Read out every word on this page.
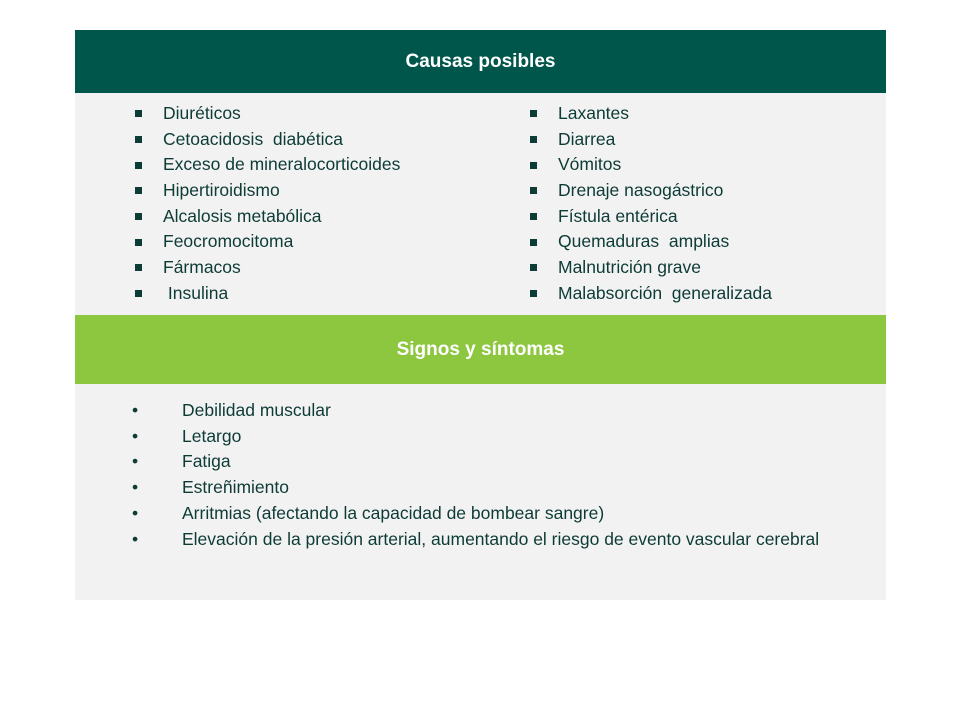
Causas posibles
Diuréticos
Cetoacidosis  diabética
Exceso de mineralocorticoides
Hipertiroidismo
Alcalosis metabólica
Feocromocitoma
Fármacos
Insulina
Laxantes
Diarrea
Vómitos
Drenaje nasogástrico
Fístula entérica
Quemaduras  amplias
Malnutrición grave
Malabsorción  generalizada
Signos y síntomas
•	Debilidad muscular
•	Letargo
•	Fatiga
•	Estreñimiento
•	Arritmias (afectando la capacidad de bombear sangre)
•	Elevación de la presión arterial, aumentando el riesgo de evento vascular cerebral
